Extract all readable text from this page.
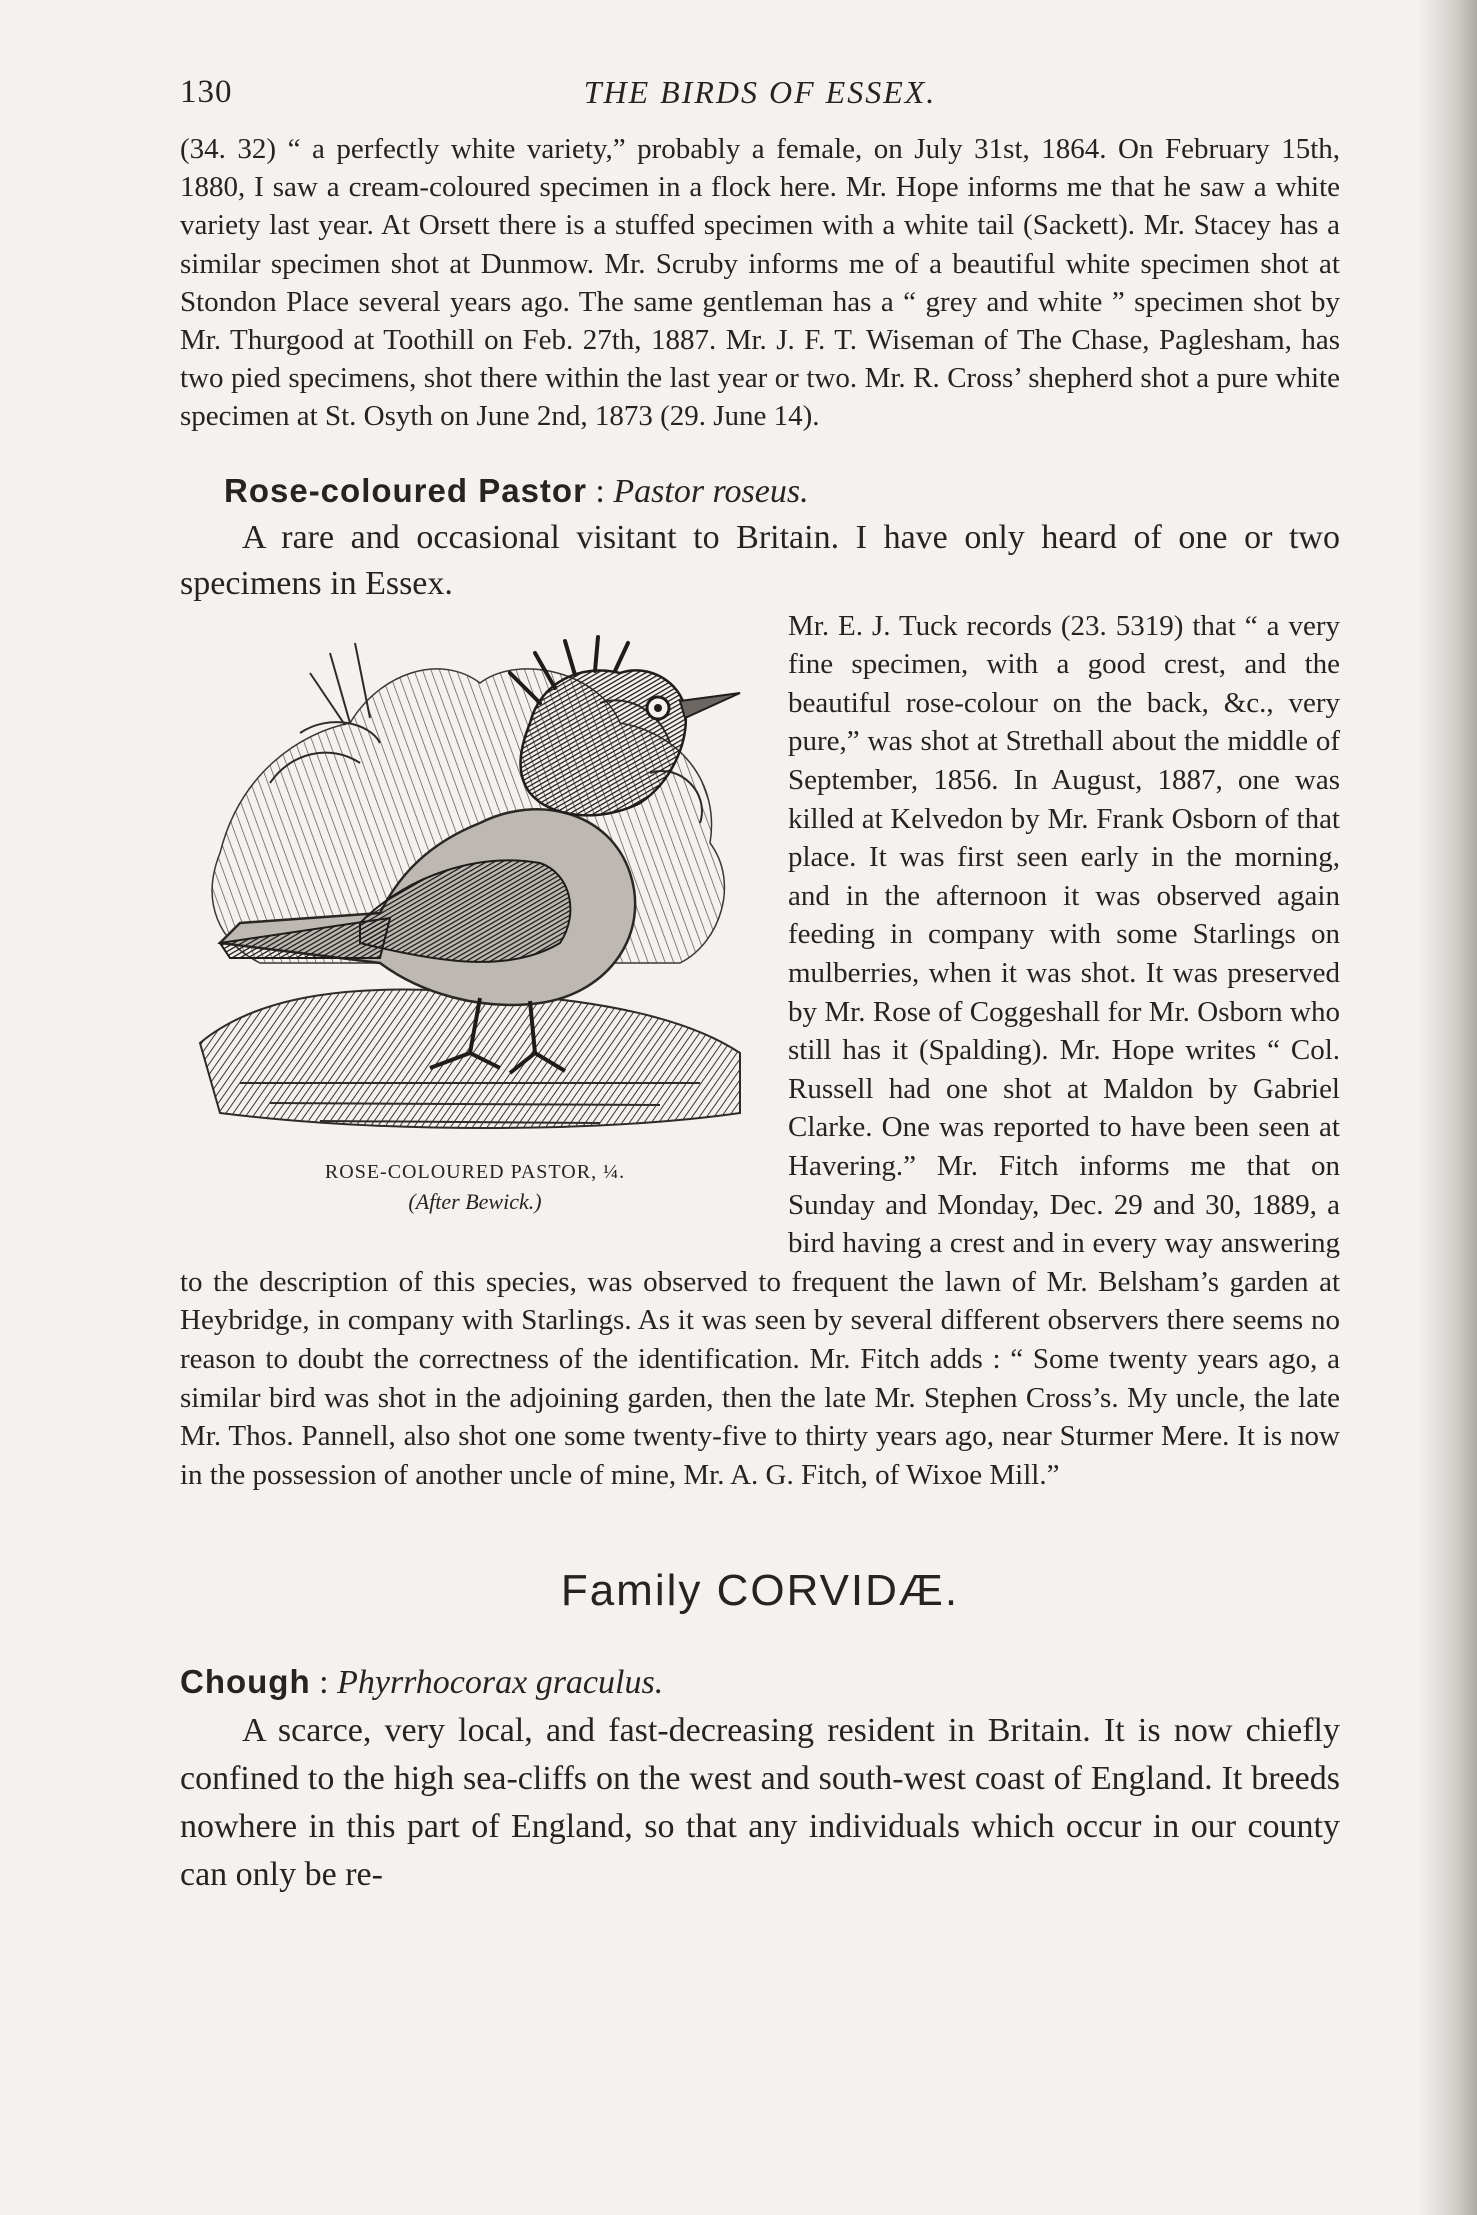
130	THE BIRDS OF ESSEX.

(34. 32) “ a perfectly white variety,” probably a female, on July 31st, 1864. On February 15th, 1880, I saw a cream-coloured specimen in a flock here. Mr. Hope informs me that he saw a white variety last year. At Orsett there is a stuffed specimen with a white tail (Sackett). Mr. Stacey has a similar specimen shot at Dunmow. Mr. Scruby informs me of a beautiful white specimen shot at Stondon Place several years ago. The same gentleman has a “ grey and white ” specimen shot by Mr. Thurgood at Toothill on Feb. 27th, 1887. Mr. J. F. T. Wiseman of The Chase, Paglesham, has two pied specimens, shot there within the last year or two. Mr. R. Cross’ shepherd shot a pure white specimen at St. Osyth on June 2nd, 1873 (29. June 14).

Rose-coloured Pastor : Pastor roseus.

A rare and occasional visitant to Britain. I have only heard of one or two specimens in Essex.

ROSE-COLOURED PASTOR, ¼.
(After Bewick.)

Mr. E. J. Tuck records (23. 5319) that “ a very fine specimen, with a good crest, and the beautiful rose-colour on the back, &c., very pure,” was shot at Strethall about the middle of September, 1856. In August, 1887, one was killed at Kelvedon by Mr. Frank Osborn of that place. It was first seen early in the morning, and in the afternoon it was observed again feeding in company with some Starlings on mulberries, when it was shot. It was preserved by Mr. Rose of Coggeshall for Mr. Osborn who still has it (Spalding). Mr. Hope writes “ Col. Russell had one shot at Maldon by Gabriel Clarke. One was reported to have been seen at Havering.” Mr. Fitch informs me that on Sunday and Monday, Dec. 29 and 30, 1889, a bird having a crest and in every way answering to the description of this species, was observed to frequent the lawn of Mr. Belsham’s garden at Heybridge, in company with Starlings. As it was seen by several different observers there seems no reason to doubt the correctness of the identification. Mr. Fitch adds : “ Some twenty years ago, a similar bird was shot in the adjoining garden, then the late Mr. Stephen Cross’s. My uncle, the late Mr. Thos. Pannell, also shot one some twenty-five to thirty years ago, near Sturmer Mere. It is now in the possession of another uncle of mine, Mr. A. G. Fitch, of Wixoe Mill.”

Family CORVIDÆ.
Chough : Phyrrhocorax graculus.

A scarce, very local, and fast-decreasing resident in Britain. It is now chiefly confined to the high sea-cliffs on the west and south-west coast of England. It breeds nowhere in this part of England, so that any individuals which occur in our county can only be re-
